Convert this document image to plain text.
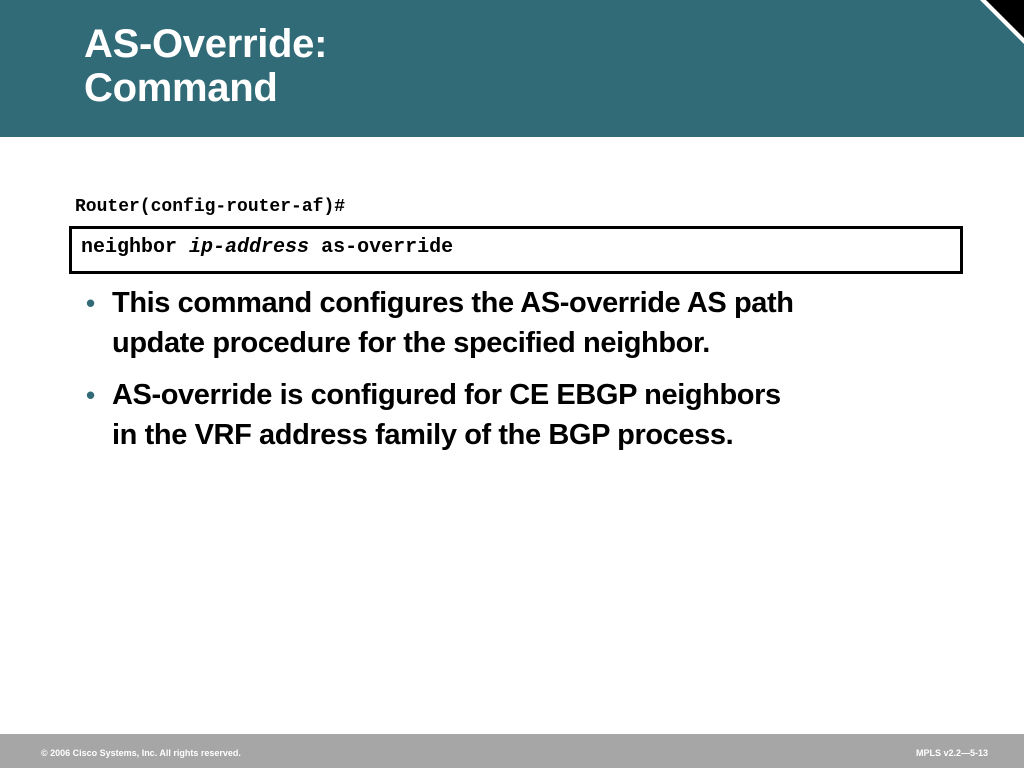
AS-Override:
Command
Router(config-router-af)#
neighbor ip-address as-override
• This command configures the AS-override AS path
update procedure for the specified neighbor.
• AS-override is configured for CE EBGP neighbors
in the VRF address family of the BGP process.
© 2006 Cisco Systems, Inc. All rights reserved.	MPLS v2.2—5-13
